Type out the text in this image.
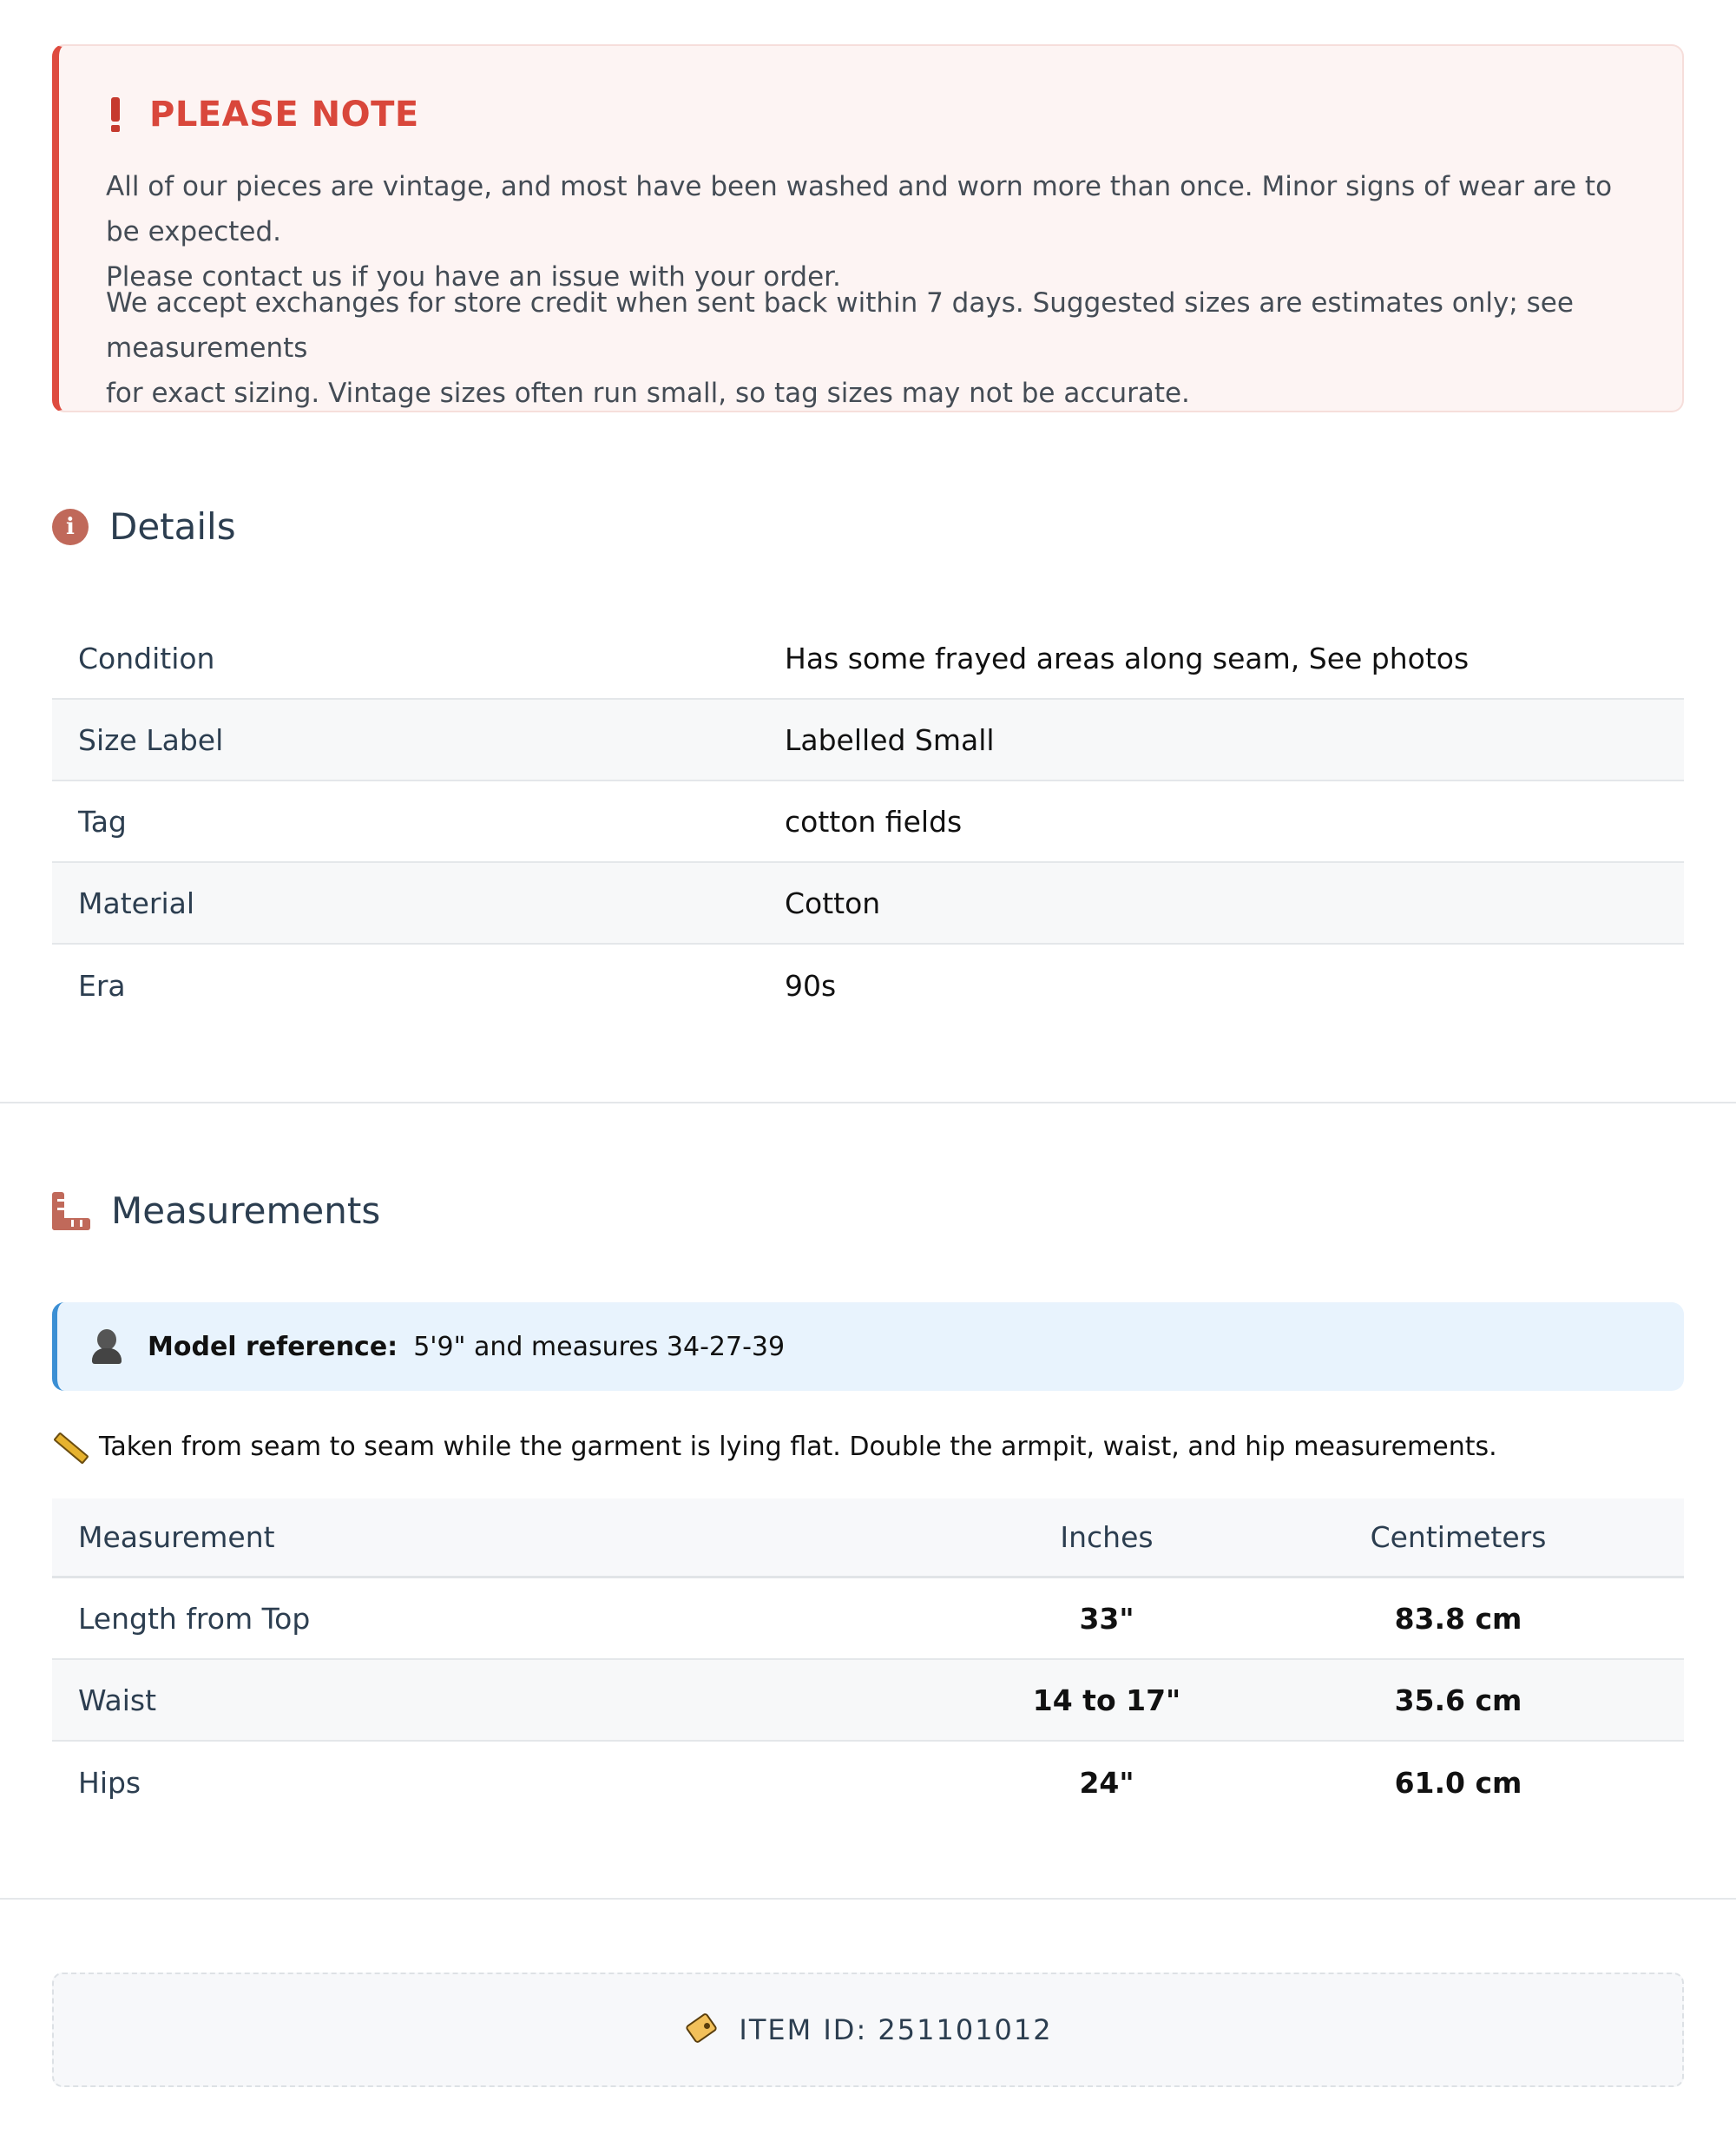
PLEASE NOTE
All of our pieces are vintage, and most have been washed and worn more than once. Minor signs of wear are to be expected.
Please contact us if you have an issue with your order.
We accept exchanges for store credit when sent back within 7 days. Suggested sizes are estimates only; see measurements
for exact sizing. Vintage sizes often run small, so tag sizes may not be accurate.
i Details
Condition	Has some frayed areas along seam, See photos
Size Label	Labelled Small
Tag	cotton fields
Material	Cotton
Era	90s
Measurements
Model reference: 5'9" and measures 34-27-39
Taken from seam to seam while the garment is lying flat. Double the armpit, waist, and hip measurements.
Measurement	Inches	Centimeters
Length from Top	33"	83.8 cm
Waist	14 to 17"	35.6 cm
Hips	24"	61.0 cm
ITEM ID: 251101012
